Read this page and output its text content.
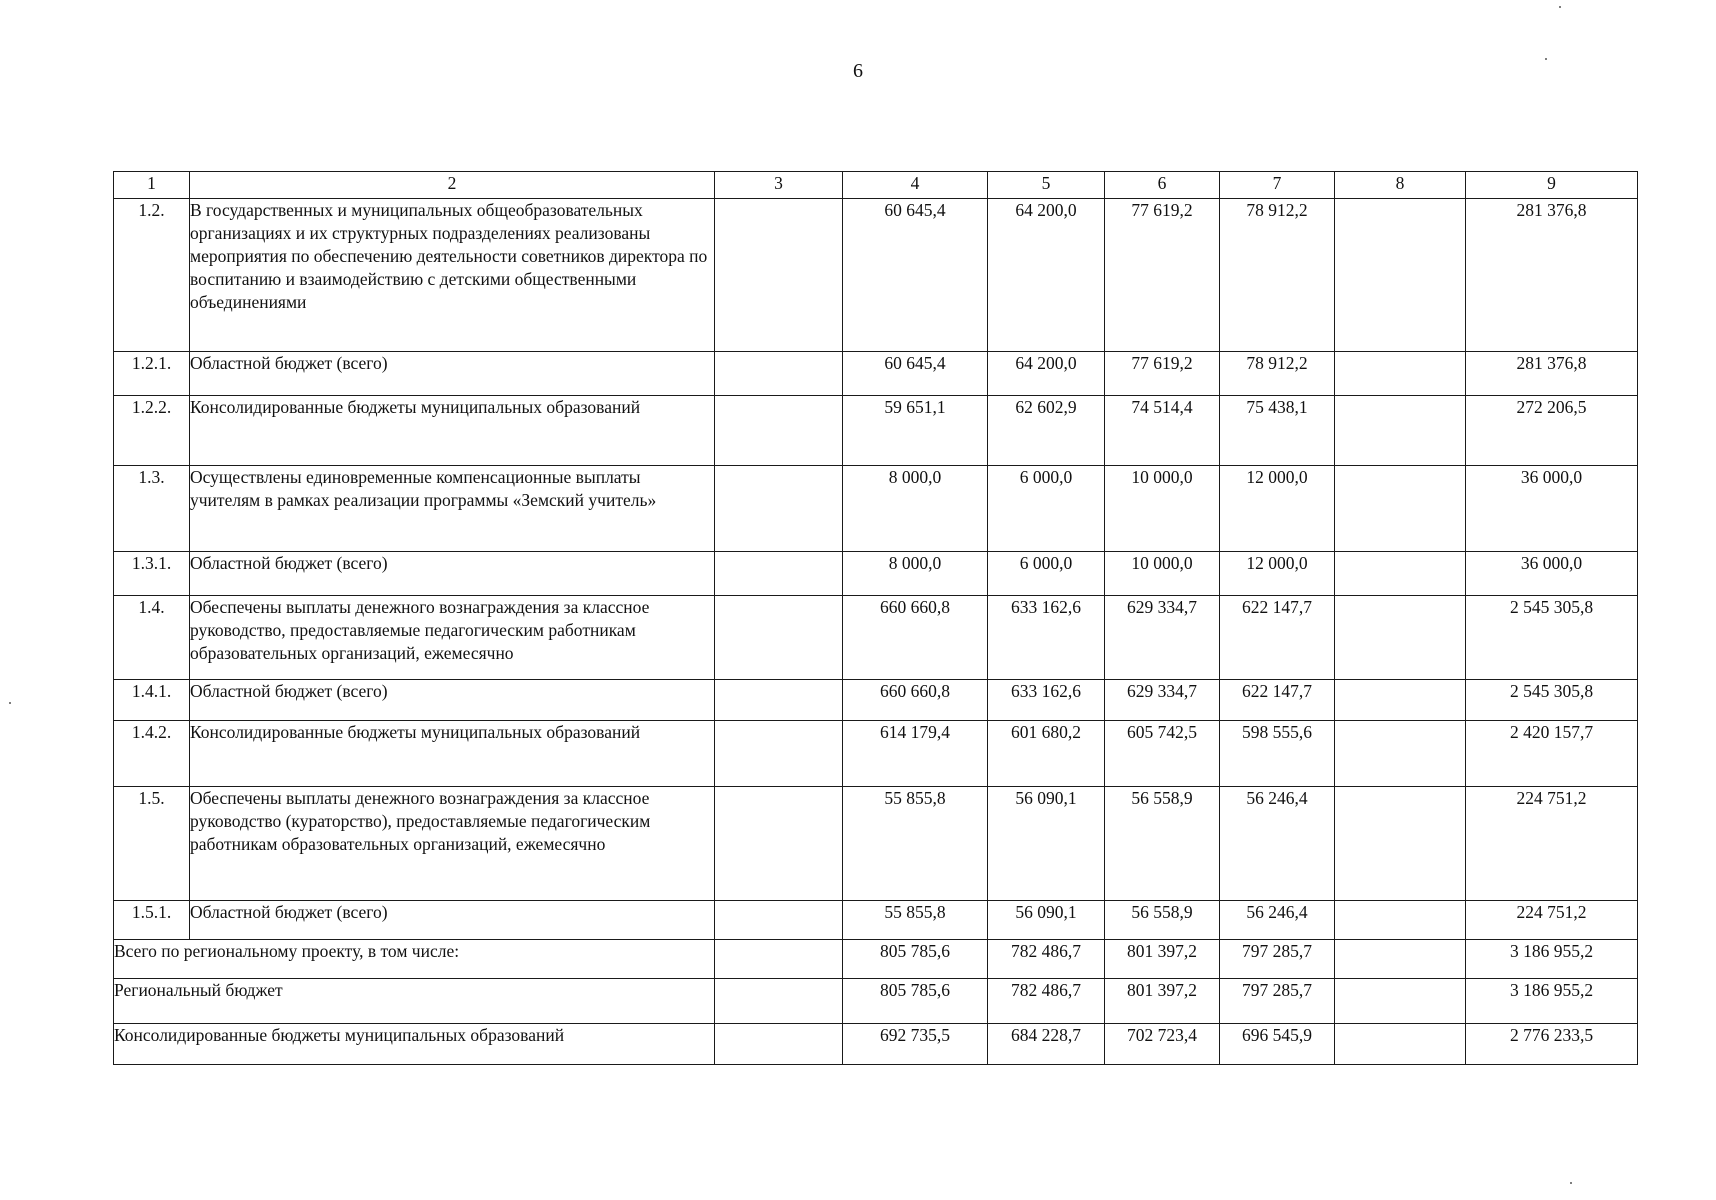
6
1	2	3	4	5	6	7	8	9
1.2.	В государственных и муниципальных общеобразовательных организациях и их структурных подразделениях реализованы мероприятия по обеспечению деятельности советников директора по воспитанию и взаимодействию с детскими общественными объединениями		60 645,4	64 200,0	77 619,2	78 912,2		281 376,8
1.2.1.	Областной бюджет (всего)		60 645,4	64 200,0	77 619,2	78 912,2		281 376,8
1.2.2.	Консолидированные бюджеты муниципальных образований		59 651,1	62 602,9	74 514,4	75 438,1		272 206,5
1.3.	Осуществлены единовременные компенсационные выплаты учителям в рамках реализации программы «Земский учитель»		8 000,0	6 000,0	10 000,0	12 000,0		36 000,0
1.3.1.	Областной бюджет (всего)		8 000,0	6 000,0	10 000,0	12 000,0		36 000,0
1.4.	Обеспечены выплаты денежного вознаграждения за классное руководство, предоставляемые педагогическим работникам образовательных организаций, ежемесячно		660 660,8	633 162,6	629 334,7	622 147,7		2 545 305,8
1.4.1.	Областной бюджет (всего)		660 660,8	633 162,6	629 334,7	622 147,7		2 545 305,8
1.4.2.	Консолидированные бюджеты муниципальных образований		614 179,4	601 680,2	605 742,5	598 555,6		2 420 157,7
1.5.	Обеспечены выплаты денежного вознаграждения за классное руководство (кураторство), предоставляемые педагогическим работникам образовательных организаций, ежемесячно		55 855,8	56 090,1	56 558,9	56 246,4		224 751,2
1.5.1.	Областной бюджет (всего)		55 855,8	56 090,1	56 558,9	56 246,4		224 751,2
Всего по региональному проекту, в том числе:			805 785,6	782 486,7	801 397,2	797 285,7		3 186 955,2
Региональный бюджет			805 785,6	782 486,7	801 397,2	797 285,7		3 186 955,2
Консолидированные бюджеты муниципальных образований			692 735,5	684 228,7	702 723,4	696 545,9		2 776 233,5
